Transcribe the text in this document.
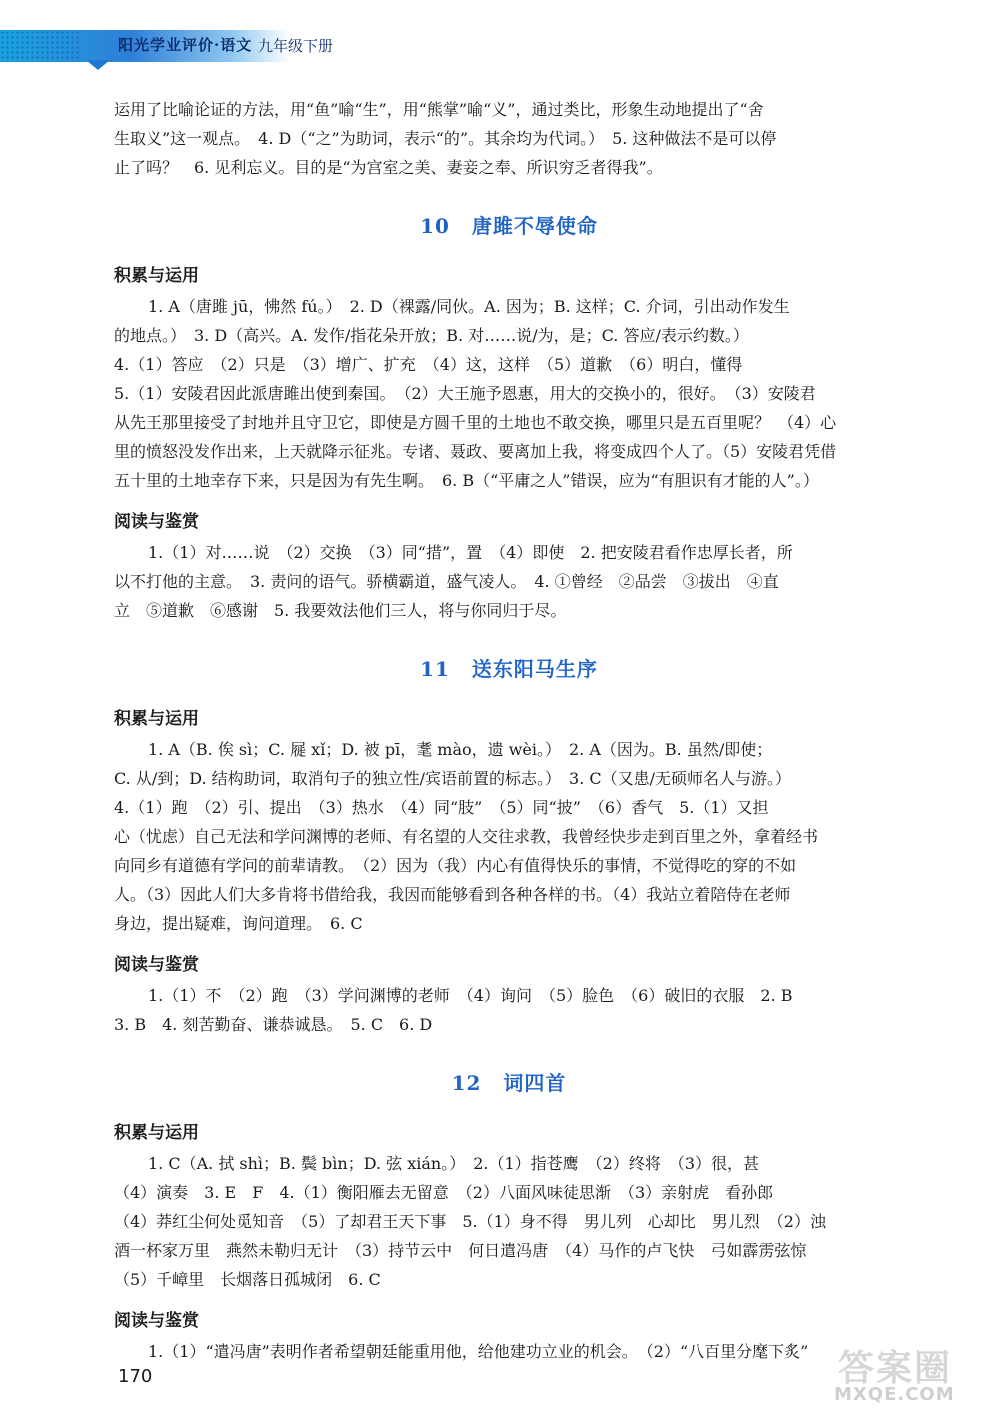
阳光学业评价·语文 九年级下册

运用了比喻论证的方法，用“鱼”喻“生”，用“熊掌”喻“义”，通过类比，形象生动地提出了“舍

生取义”这一观点。　4. D（“之”为助词，表示“的”。其余均为代词。）　5. 这种做法不是可以停

止了吗？　6. 见利忘义。目的是“为宫室之美、妻妾之奉、所识穷乏者得我”。

10 唐雎不辱使命
积累与运用

1. A（唐雎 jū，怫然 fú。）　2. D（裸露/同伙。A. 因为；B. 这样；C. 介词，引出动作发生

的地点。）　3. D（高兴。A. 发作/指花朵开放；B. 对……说/为，是；C. 答应/表示约数。）

4.（1）答应　（2）只是　（3）增广、扩充　（4）这，这样　（5）道歉　（6）明白，懂得

5.（1）安陵君因此派唐雎出使到秦国。　（2）大王施予恩惠，用大的交换小的，很好。　（3）安陵君

从先王那里接受了封地并且守卫它，即使是方圆千里的土地也不敢交换，哪里只是五百里呢？　（4）心

里的愤怒没发作出来，上天就降示征兆。专诸、聂政、要离加上我，将变成四个人了。（5）安陵君凭借

五十里的土地幸存下来，只是因为有先生啊。　6. B（“平庸之人”错误，应为“有胆识有才能的人”。）

阅读与鉴赏

1.（1）对……说　（2）交换　（3）同“措”，置　（4）即使　2. 把安陵君看作忠厚长者，所

以不打他的主意。　3. 责问的语气。骄横霸道，盛气凌人。　4. ①曾经　②品尝　③拔出　④直

立　⑤道歉　⑥感谢　5. 我要效法他们三人，将与你同归于尽。

11 送东阳马生序
积累与运用

1. A（B. 俟 sì；C. 屣 xǐ；D. 被 pī，耄 mào，遗 wèi。）　2. A（因为。B. 虽然/即使；

C. 从/到；D. 结构助词，取消句子的独立性/宾语前置的标志。）　3. C（又患/无硕师名人与游。）

4.（1）跑　（2）引、提出　（3）热水　（4）同“肢”　（5）同“披”　（6）香气　5.（1）又担

心（忧虑）自己无法和学问渊博的老师、有名望的人交往求教，我曾经快步走到百里之外，拿着经书

向同乡有道德有学问的前辈请教。　（2）因为（我）内心有值得快乐的事情，不觉得吃的穿的不如

人。（3）因此人们大多肯将书借给我，我因而能够看到各种各样的书。（4）我站立着陪侍在老师

身边，提出疑难，询问道理。　6. C

阅读与鉴赏

1.（1）不　（2）跑　（3）学问渊博的老师　（4）询问　（5）脸色　（6）破旧的衣服　2. B

3. B　4. 刻苦勤奋、谦恭诚恳。　5. C　6. D

12 词四首
积累与运用

1. C（A. 拭 shì；B. 鬓 bìn；D. 弦 xián。）　2.（1）指苍鹰　（2）终将　（3）很，甚

（4）演奏　3. E　F　4.（1）衡阳雁去无留意　（2）八面风味徒思渐　（3）亲射虎　看孙郎

（4）莽红尘何处觅知音　（5）了却君王天下事　5.（1）身不得　男儿列　心却比　男儿烈　（2）浊

酒一杯家万里　燕然未勒归无计　（3）持节云中　何日遣冯唐　（4）马作的卢飞快　弓如霹雳弦惊

（5）千嶂里　长烟落日孤城闭　6. C

阅读与鉴赏

1.（1）“遣冯唐”表明作者希望朝廷能重用他，给他建功立业的机会。　（2）“八百里分麾下炙”

170	答案圈
MXQE.COM
